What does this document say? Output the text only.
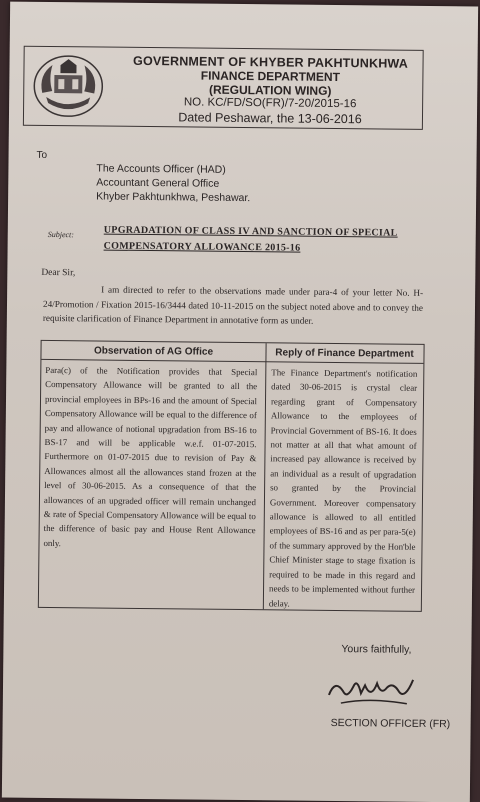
GOVERNMENT OF KHYBER PAKHTUNKHWA
FINANCE DEPARTMENT
(REGULATION WING)
NO. KC/FD/SO(FR)/7-20/2015-16
Dated Peshawar, the 13-06-2016
To
The Accounts Officer (HAD)
Accountant General Office
Khyber Pakhtunkhwa, Peshawar.
Subject:	UPGRADATION OF CLASS IV AND SANCTION OF SPECIAL
COMPENSATORY ALLOWANCE 2015-16
Dear Sir,
I am directed to refer to the observations made under para-4 of your letter No. H-24/Promotion / Fixation 2015-16/3444 dated 10-11-2015 on the subject noted above and to convey the requisite clarification of Finance Department in annotative form as under.
Observation of AG Office	Reply of Finance Department
Para(c) of the Notification provides that Special Compensatory Allowance will be granted to all the provincial employees in BPs-16 and the amount of Special Compensatory Allowance will be equal to the difference of pay and allowance of notional upgradation from BS-16 to BS-17 and will be applicable w.e.f. 01-07-2015. Furthermore on 01-07-2015 due to revision of Pay & Allowances almost all the allowances stand frozen at the level of 30-06-2015. As a consequence of that the allowances of an upgraded officer will remain unchanged & rate of Special Compensatory Allowance will be equal to the difference of basic pay and House Rent Allowance only.
The Finance Department's notification dated 30-06-2015 is crystal clear regarding grant of Compensatory Allowance to the employees of Provincial Government of BS-16. It does not matter at all that what amount of increased pay allowance is received by an individual as a result of upgradation so granted by the Provincial Government. Moreover compensatory allowance is allowed to all entitled employees of BS-16 and as per para-5(e) of the summary approved by the Hon'ble Chief Minister stage to stage fixation is required to be made in this regard and needs to be implemented without further delay.
Yours faithfully,
SECTION OFFICER (FR)
